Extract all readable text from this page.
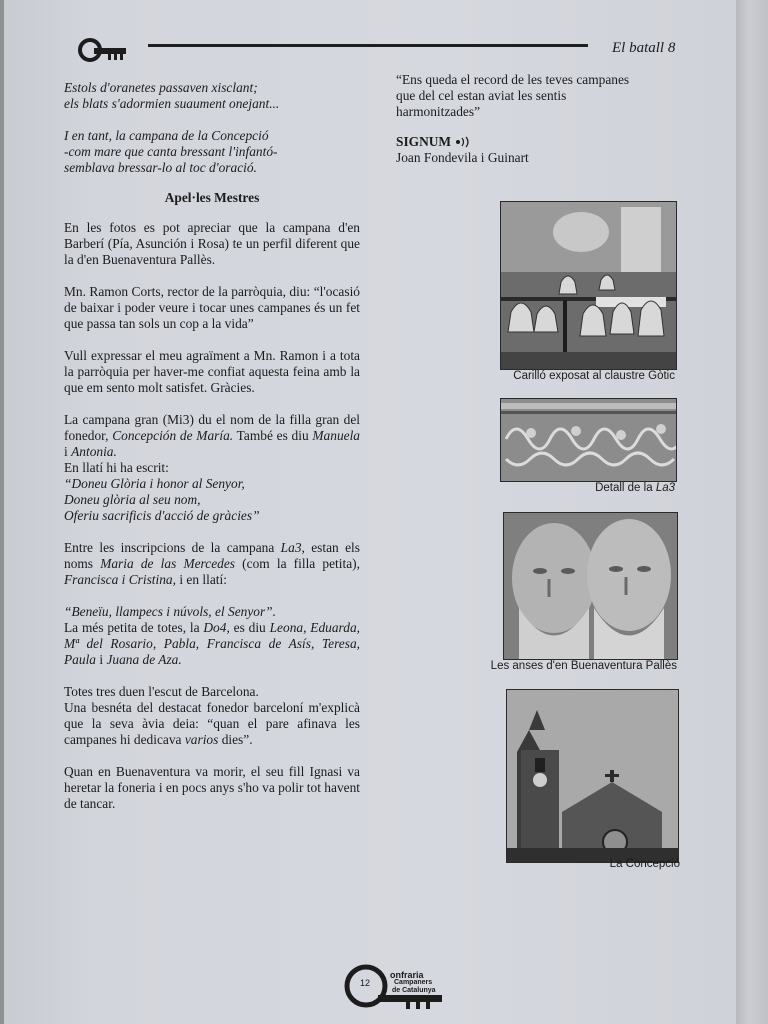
El batall 8

Estols d'oranetes passaven xisclant;

els blats s'adormien suaument onejant...

I en tant, la campana de la Concepció

-com mare que canta bressant l'infantó-

semblava bressar-lo al toc d'oració.

Apel·les Mestres

En les fotos es pot apreciar que la campana d'en Barberí (Pía, Asunción i Rosa) te un perfil diferent que la d'en Buenaventura Pallès.

Mn. Ramon Corts, rector de la parròquia, diu: “l'ocasió de baixar i poder veure i tocar unes campanes és un fet que passa tan sols un cop a la vida”

Vull expressar el meu agraïment a Mn. Ramon i a tota la parròquia per haver-me confiat aquesta feina amb la que em sento molt satisfet. Gràcies.

La campana gran (Mi3) du el nom de la filla gran del fonedor, Concepción de María. També es diu Manuela i Antonia.

En llatí hi ha escrit:

“Doneu Glòria i honor al Senyor,

Doneu glòria al seu nom,

Oferiu sacrificis d'acció de gràcies”

Entre les inscripcions de la campana La3, estan els noms Maria de las Mercedes (com la filla petita), Francisca i Cristina, i en llatí:

“Beneïu, llampecs i núvols, el Senyor”.

La més petita de totes, la Do4, es diu Leona, Eduarda, Mª del Rosario, Pabla, Francisca de Asís, Teresa, Paula i Juana de Aza.

Totes tres duen l'escut de Barcelona.

Una besnéta del destacat fonedor barceloní m'explicà que la seva àvia deia: “quan el pare afinava les campanes hi dedicava varios dies”.

Quan en Buenaventura va morir, el seu fill Ignasi va heretar la foneria i en pocs anys s'ho va polir tot havent de tancar.

“Ens queda el record de les teves campanes

que del cel estan aviat les sentis

harmonitzades”

SIGNUM

Joan Fondevila i Guinart

Carilló exposat al claustre Gòtic
Detall de la La3
Les anses d'en Buenaventura Pallès
La Concepció
12
onfraria
Campaners
de Catalunya
